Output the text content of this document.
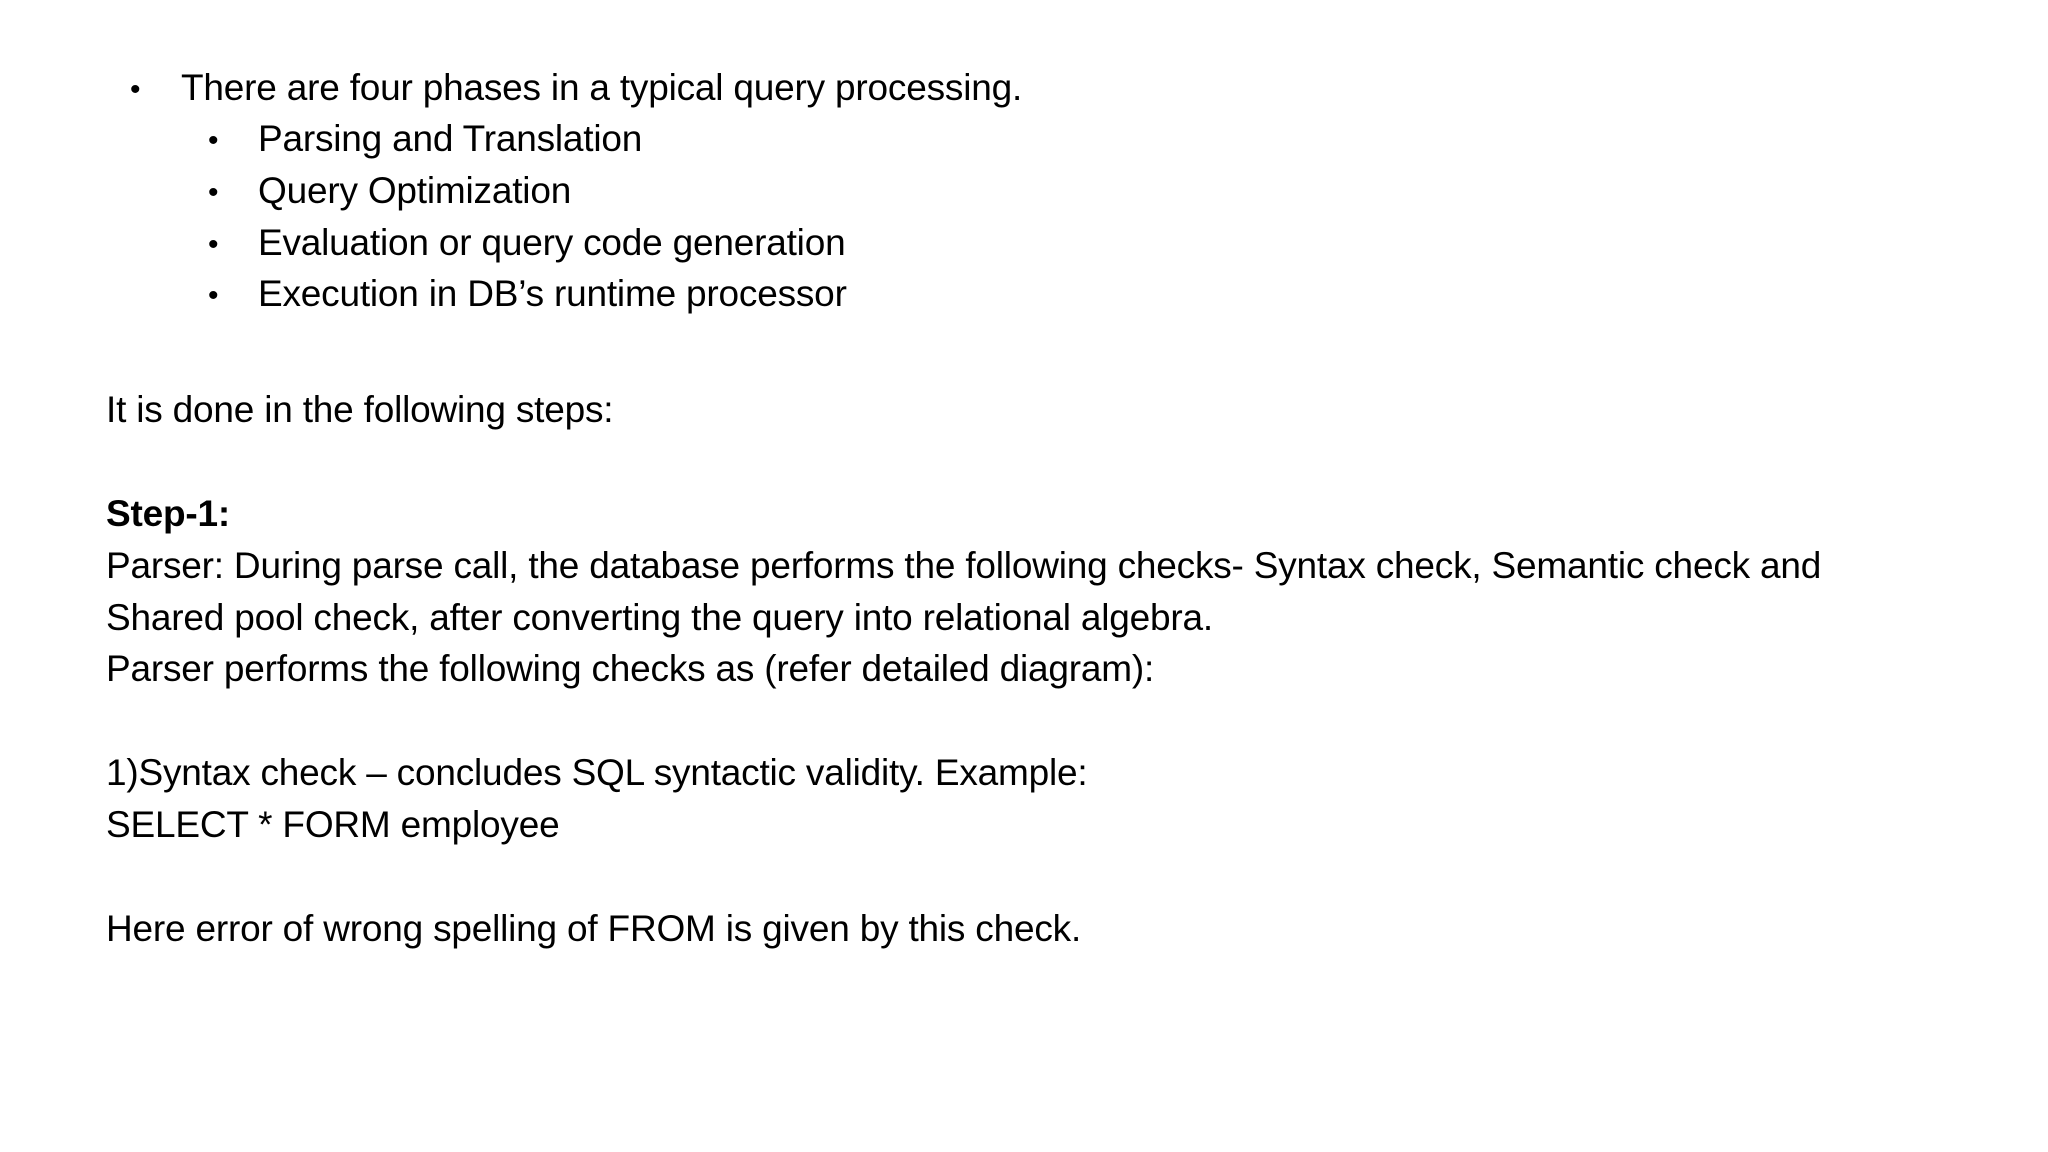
• There are four phases in a typical query processing.
• Parsing and Translation
• Query Optimization
• Evaluation or query code generation
• Execution in DB’s runtime processor
It is done in the following steps:
Step-1:
Parser: During parse call, the database performs the following checks- Syntax check, Semantic check and
Shared pool check, after converting the query into relational algebra.
Parser performs the following checks as (refer detailed diagram):
1)Syntax check – concludes SQL syntactic validity. Example:
SELECT * FORM employee
Here error of wrong spelling of FROM is given by this check.
